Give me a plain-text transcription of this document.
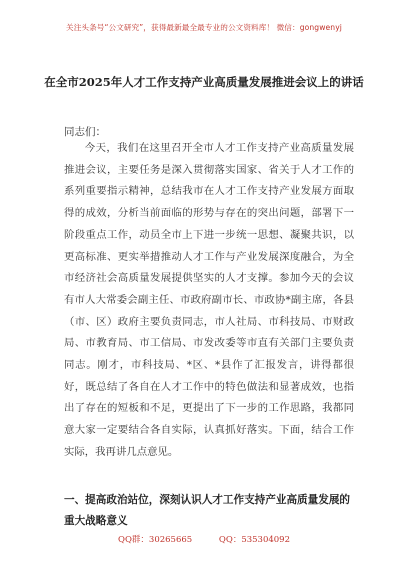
关注头条号“公文研究”，获得最新最全最专业的公文资料库！ 微信：gongwenyj
在全市2025年人才工作支持产业高质量发展推进会议上的讲话
同志们：

今天，我们在这里召开全市人才工作支持产业高质量发展推进会议，主要任务是深入贯彻落实国家、省关于人才工作的系列重要指示精神，总结我市在人才工作支持产业发展方面取得的成效，分析当前面临的形势与存在的突出问题，部署下一阶段重点工作，动员全市上下进一步统一思想、凝聚共识，以更高标准、更实举措推动人才工作与产业发展深度融合，为全市经济社会高质量发展提供坚实的人才支撑。参加今天的会议有市人大常委会副主任、市政府副市长、市政协*副主席，各县（市、区）政府主要负责同志，市人社局、市科技局、市财政局、市教育局、市工信局、市发改委等市直有关部门主要负责同志。刚才，市科技局、*区、*县作了汇报发言，讲得都很好，既总结了各自在人才工作中的特色做法和显著成效，也指出了存在的短板和不足，更提出了下一步的工作思路，我都同意大家一定要结合各自实际，认真抓好落实。下面，结合工作实际，我再讲几点意见。

一、提高政治站位，深刻认识人才工作支持产业高质量发展的重大战略意义
QQ群：30265665	QQ：535304092
